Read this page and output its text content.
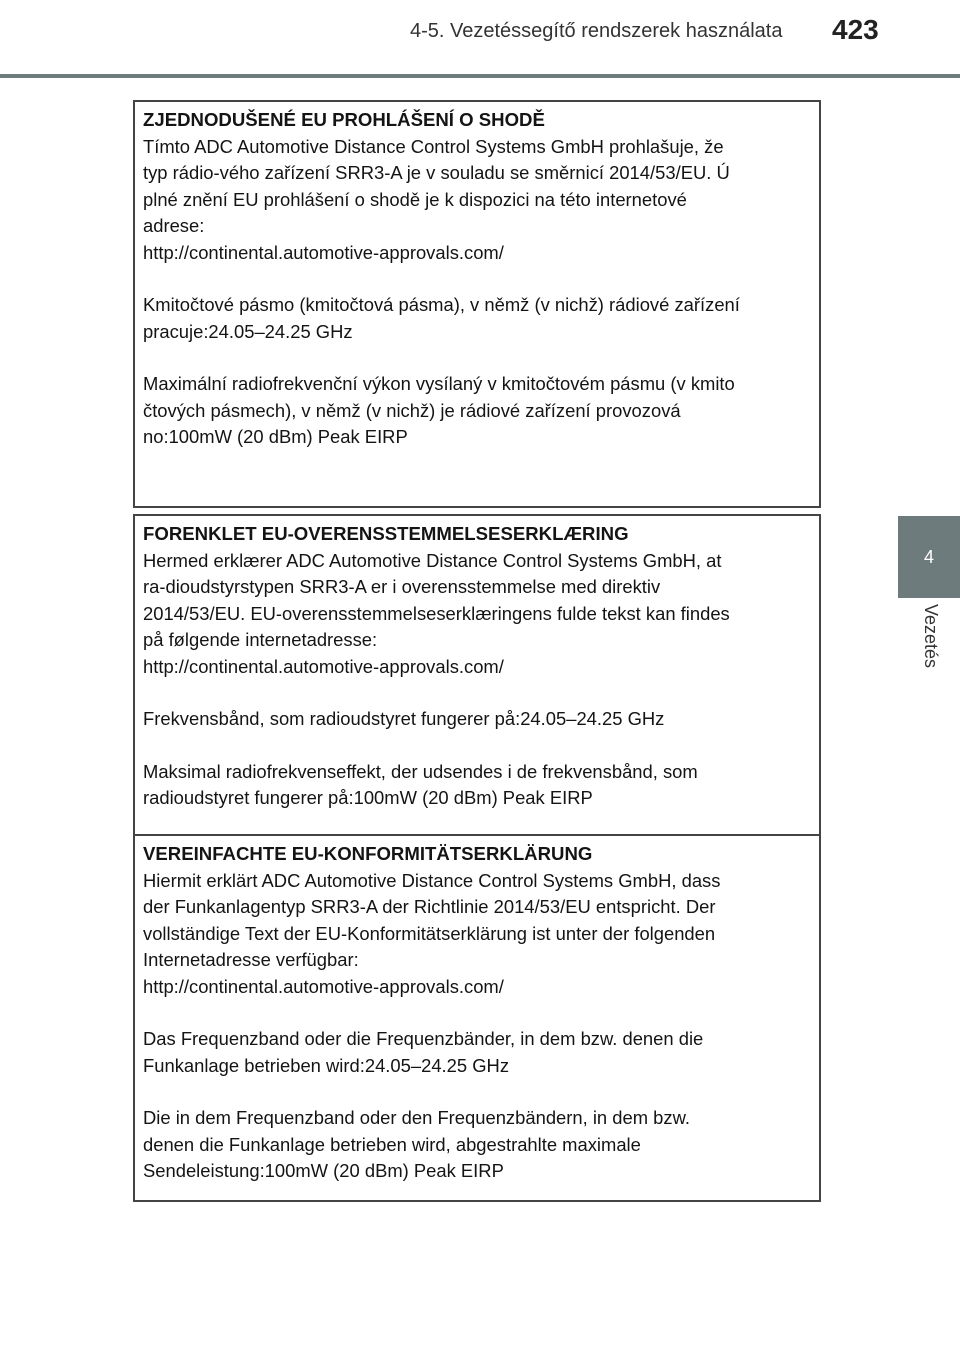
4-5. Vezetéssegítő rendszerek használata 423
4
Vezetés
ZJEDNODUŠENÉ EU PROHLÁŠENÍ O SHODĚ
Tímto ADC Automotive Distance Control Systems GmbH prohlašuje, že
typ rádio-vého zařízení SRR3-A je v souladu se směrnicí 2014/53/EU. Ú
plné znění EU prohlášení o shodě je k dispozici na této internetové
adrese:
http://continental.automotive-approvals.com/
Kmitočtové pásmo (kmitočtová pásma), v němž (v nichž) rádiové zařízení
pracuje:24.05–24.25 GHz
Maximální radiofrekvenční výkon vysílaný v kmitočtovém pásmu (v kmito
čtových pásmech), v němž (v nichž) je rádiové zařízení provozová
no:100mW (20 dBm) Peak EIRP
FORENKLET EU-OVERENSSTEMMELSESERKLÆRING
Hermed erklærer ADC Automotive Distance Control Systems GmbH, at
ra-dioudstyrstypen SRR3-A er i overensstemmelse med direktiv
2014/53/EU. EU-overensstemmelseserklæringens fulde tekst kan findes
på følgende internetadresse:
http://continental.automotive-approvals.com/
Frekvensbånd, som radioudstyret fungerer på:24.05–24.25 GHz
Maksimal radiofrekvenseffekt, der udsendes i de frekvensbånd, som
radioudstyret fungerer på:100mW (20 dBm) Peak EIRP
VEREINFACHTE EU-KONFORMITÄTSERKLÄRUNG
Hiermit erklärt ADC Automotive Distance Control Systems GmbH, dass
der Funkanlagentyp SRR3-A der Richtlinie 2014/53/EU entspricht. Der
vollständige Text der EU-Konformitätserklärung ist unter der folgenden
Internetadresse verfügbar:
http://continental.automotive-approvals.com/
Das Frequenzband oder die Frequenzbänder, in dem bzw. denen die
Funkanlage betrieben wird:24.05–24.25 GHz
Die in dem Frequenzband oder den Frequenzbändern, in dem bzw.
denen die Funkanlage betrieben wird, abgestrahlte maximale
Sendeleistung:100mW (20 dBm) Peak EIRP
